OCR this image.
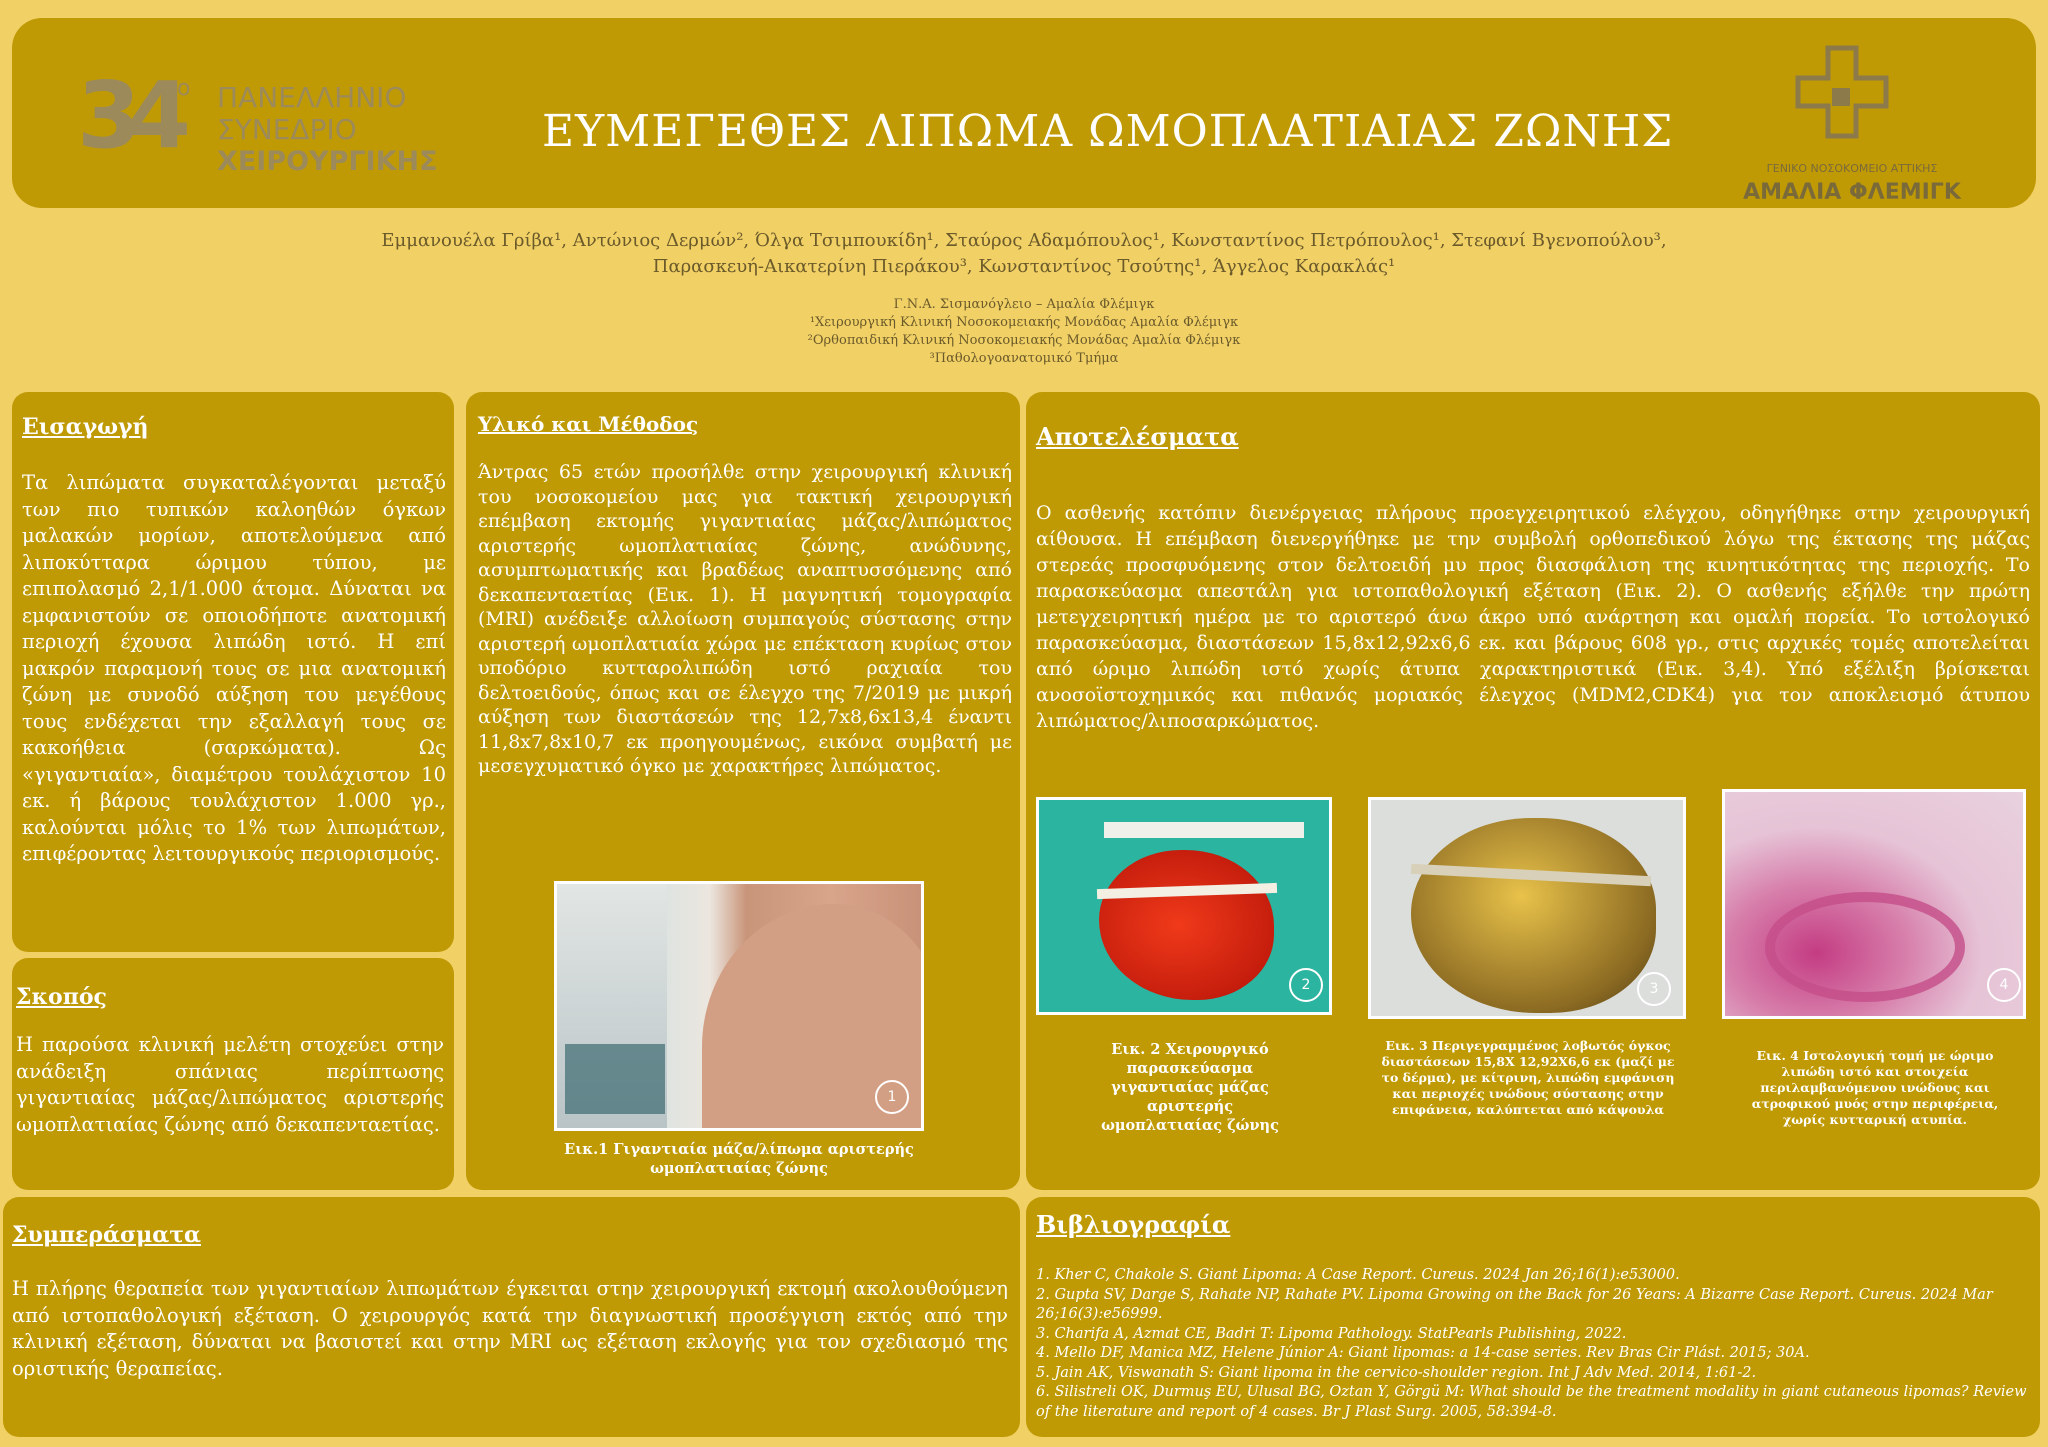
34 ο ΠΑΝΕΛΛΗΝΙΟ
ΣΥΝΕΔΡΙΟ
ΧΕΙΡΟΥΡΓΙΚΗΣ
ΕΥΜΕΓΕΘΕΣ ΛΙΠΩΜΑ ΩΜΟΠΛΑΤΙΑΙΑΣ ΖΩΝΗΣ
ΓΕΝΙΚΟ ΝΟΣΟΚΟΜΕΙΟ ΑΤΤΙΚΗΣ
ΑΜΑΛΙΑ ΦΛΕΜΙΓΚ
Εμμανουέλα Γρίβα¹, Αντώνιος Δερμών², Όλγα Τσιμπουκίδη¹, Σταύρος Αδαμόπουλος¹, Κωνσταντίνος Πετρόπουλος¹, Στεφανί Βγενοπούλου³,
Παρασκευή-Αικατερίνη Πιεράκου³, Κωνσταντίνος Τσούτης¹, Άγγελος Καρακλάς¹
Γ.Ν.Α. Σισμανόγλειο – Αμαλία Φλέμιγκ
¹Χειρουργική Κλινική Νοσοκομειακής Μονάδας Αμαλία Φλέμιγκ
²Ορθοπαιδική Κλινική Νοσοκομειακής Μονάδας Αμαλία Φλέμιγκ
³Παθολογοανατομικό Τμήμα
Εισαγωγή
Τα λιπώματα συγκαταλέγονται μεταξύ των πιο τυπικών καλοηθών όγκων μαλακών μορίων, αποτελούμενα από λιποκύτταρα ώριμου τύπου, με επιπολασμό 2,1/1.000 άτομα. Δύναται να εμφανιστούν σε οποιοδήποτε ανατομική περιοχή έχουσα λιπώδη ιστό. Η επί μακρόν παραμονή τους σε μια ανατομική ζώνη με συνοδό αύξηση του μεγέθους τους ενδέχεται την εξαλλαγή τους σε κακοήθεια (σαρκώματα). Ως «γιγαντιαία», διαμέτρου τουλάχιστον 10 εκ. ή βάρους τουλάχιστον 1.000 γρ., καλούνται μόλις το 1% των λιπωμάτων, επιφέροντας λειτουργικούς περιορισμούς.
Σκοπός
Η παρούσα κλινική μελέτη στοχεύει στην ανάδειξη σπάνιας περίπτωσης γιγαντιαίας μάζας/λιπώματος αριστερής ωμοπλατιαίας ζώνης από δεκαπενταετίας.
Υλικό και Μέθοδος
Άντρας 65 ετών προσήλθε στην χειρουργική κλινική του νοσοκομείου μας για τακτική χειρουργική επέμβαση εκτομής γιγαντιαίας μάζας/λιπώματος αριστερής ωμοπλατιαίας ζώνης, ανώδυνης, ασυμπτωματικής και βραδέως αναπτυσσόμενης από δεκαπενταετίας (Εικ. 1). Η μαγνητική τομογραφία (MRI) ανέδειξε αλλοίωση συμπαγούς σύστασης στην αριστερή ωμοπλατιαία χώρα με επέκταση κυρίως στον υποδόριο κυτταρολιπώδη ιστό ραχιαία του δελτοειδούς, όπως και σε έλεγχο της 7/2019 με μικρή αύξηση των διαστάσεών της 12,7x8,6x13,4 έναντι 11,8x7,8x10,7 εκ προηγουμένως, εικόνα συμβατή με μεσεγχυματικό όγκο με χαρακτήρες λιπώματος.
1
Εικ.1 Γιγαντιαία μάζα/λίπωμα αριστερής ωμοπλατιαίας ζώνης
Αποτελέσματα
Ο ασθενής κατόπιν διενέργειας πλήρους προεγχειρητικού ελέγχου, οδηγήθηκε στην χειρουργική αίθουσα. Η επέμβαση διενεργήθηκε με την συμβολή ορθοπεδικού λόγω της έκτασης της μάζας στερεάς προσφυόμενης στον δελτοειδή μυ προς διασφάλιση της κινητικότητας της περιοχής. Το παρασκεύασμα απεστάλη για ιστοπαθολογική εξέταση (Εικ. 2). Ο ασθενής εξήλθε την πρώτη μετεγχειρητική ημέρα με το αριστερό άνω άκρο υπό ανάρτηση και ομαλή πορεία. Το ιστολογικό παρασκεύασμα, διαστάσεων 15,8x12,92x6,6 εκ. και βάρους 608 γρ., στις αρχικές τομές αποτελείται από ώριμο λιπώδη ιστό χωρίς άτυπα χαρακτηριστικά (Εικ. 3,4). Υπό εξέλιξη βρίσκεται ανοσοϊστοχημικός και πιθανός μοριακός έλεγχος (MDM2,CDK4) για τον αποκλεισμό άτυπου λιπώματος/λιποσαρκώματος.
2	3	4
Εικ. 2 Χειρουργικό παρασκεύασμα γιγαντιαίας μάζας αριστερής ωμοπλατιαίας ζώνης
Εικ. 3 Περιγεγραμμένος λοβωτός όγκος διαστάσεων 15,8X 12,92X6,6 εκ (μαζί με το δέρμα), με κίτρινη, λιπώδη εμφάνιση και περιοχές ινώδους σύστασης στην επιφάνεια, καλύπτεται από κάψουλα
Εικ. 4 Ιστολογική τομή με ώριμο λιπώδη ιστό και στοιχεία περιλαμβανόμενου ινώδους και ατροφικού μυός στην περιφέρεια, χωρίς κυτταρική ατυπία.
Συμπεράσματα
Η πλήρης θεραπεία των γιγαντιαίων λιπωμάτων έγκειται στην χειρουργική εκτομή ακολουθούμενη από ιστοπαθολογική εξέταση. Ο χειρουργός κατά την διαγνωστική προσέγγιση εκτός από την κλινική εξέταση, δύναται να βασιστεί και στην MRI ως εξέταση εκλογής για τον σχεδιασμό της οριστικής θεραπείας.
Βιβλιογραφία
1. Kher C, Chakole S. Giant Lipoma: A Case Report. Cureus. 2024 Jan 26;16(1):e53000.
2. Gupta SV, Darge S, Rahate NP, Rahate PV. Lipoma Growing on the Back for 26 Years: A Bizarre Case Report. Cureus. 2024 Mar 26;16(3):e56999.
3. Charifa A, Azmat CE, Badri T: Lipoma Pathology. StatPearls Publishing, 2022.
4. Mello DF, Manica MZ, Helene Júnior A: Giant lipomas: a 14-case series. Rev Bras Cir Plást. 2015; 30A.
5. Jain AK, Viswanath S: Giant lipoma in the cervico-shoulder region. Int J Adv Med. 2014, 1:61-2.
6. Silistreli OK, Durmuş EU, Ulusal BG, Oztan Y, Görgü M: What should be the treatment modality in giant cutaneous lipomas? Review of the literature and report of 4 cases. Br J Plast Surg. 2005, 58:394-8.
